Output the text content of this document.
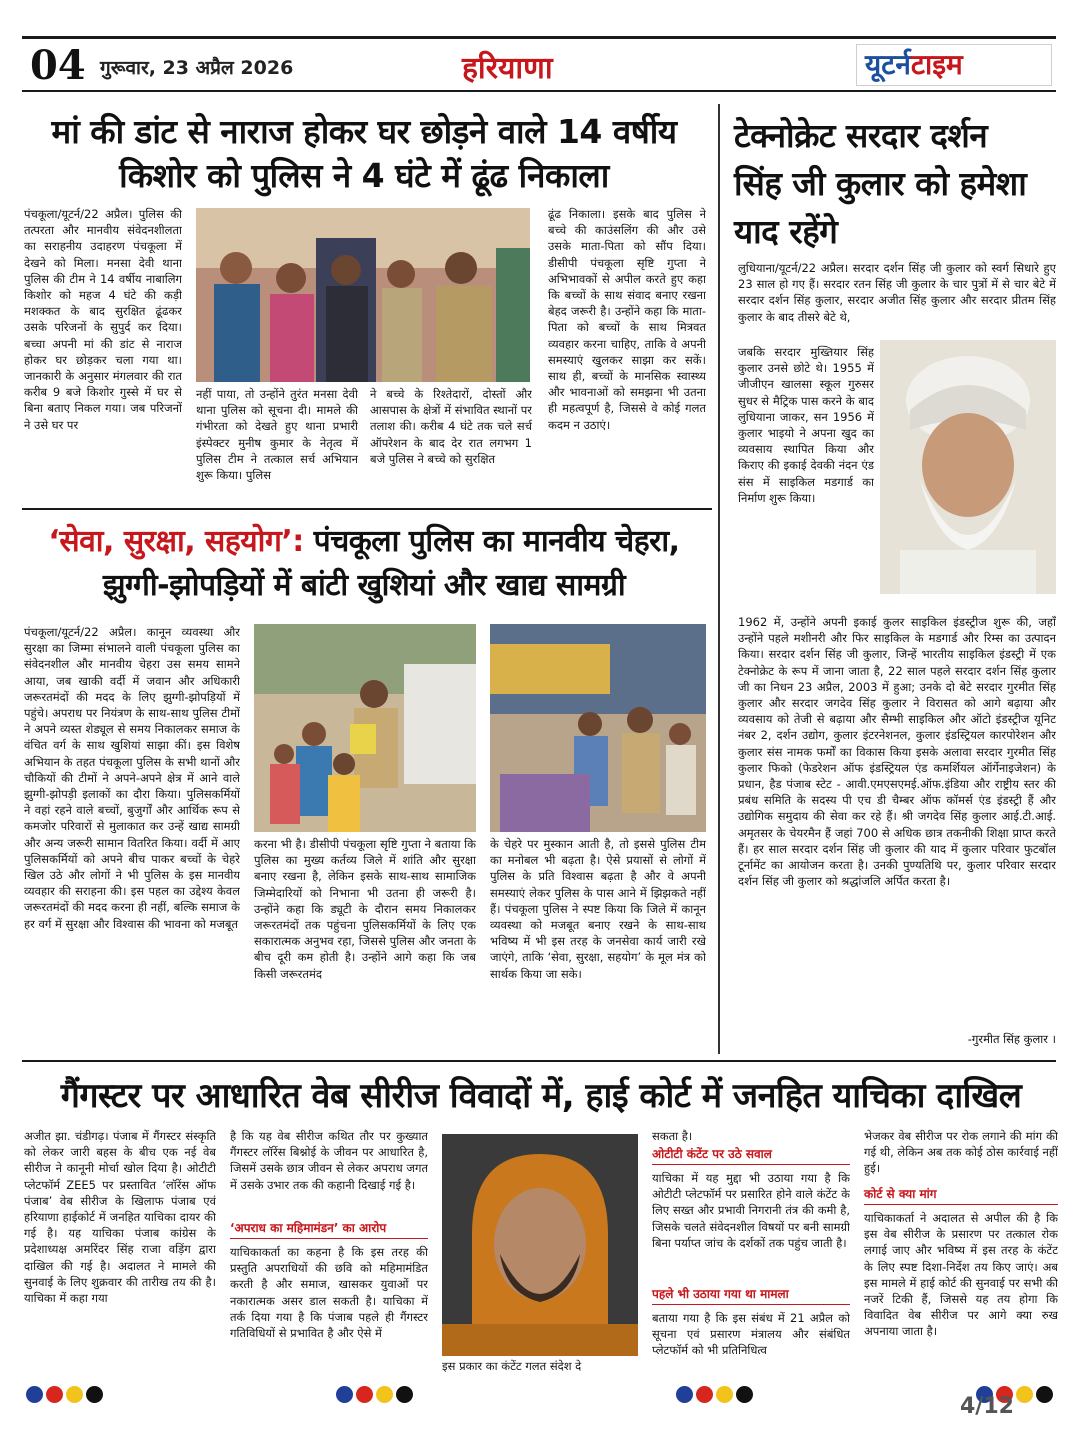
04 गुरूवार, 23 अप्रैल 2026	हरियाणा	यूटर्नटाइम
मां की डांट से नाराज होकर घर छोड़ने वाले 14 वर्षीय किशोर को पुलिस ने 4 घंटे में ढूंढ निकाला
पंचकूला/यूटर्न/22 अप्रैल। पुलिस की तत्परता और मानवीय संवेदनशीलता का सराहनीय उदाहरण पंचकूला में देखने को मिला। मनसा देवी थाना पुलिस की टीम ने 14 वर्षीय नाबालिग किशोर को महज 4 घंटे की कड़ी मशक्कत के बाद सुरक्षित ढूंढकर उसके परिजनों के सुपुर्द कर दिया। बच्चा अपनी मां की डांट से नाराज होकर घर छोड़कर चला गया था। जानकारी के अनुसार मंगलवार की रात करीब 9 बजे किशोर गुस्से में घर से बिना बताए निकल गया। जब परिजनों ने उसे घर पर
नहीं पाया, तो उन्होंने तुरंत मनसा देवी थाना पुलिस को सूचना दी। मामले की गंभीरता को देखते हुए थाना प्रभारी इंस्पेक्टर मुनीष कुमार के नेतृत्व में पुलिस टीम ने तत्काल सर्च अभियान शुरू किया। पुलिस
ने बच्चे के रिश्तेदारों, दोस्तों और आसपास के क्षेत्रों में संभावित स्थानों पर तलाश की। करीब 4 घंटे तक चले सर्च ऑपरेशन के बाद देर रात लगभग 1 बजे पुलिस ने बच्चे को सुरक्षित
ढूंढ निकाला। इसके बाद पुलिस ने बच्चे की काउंसलिंग की और उसे उसके माता-पिता को सौंप दिया। डीसीपी पंचकूला सृष्टि गुप्ता ने अभिभावकों से अपील करते हुए कहा कि बच्चों के साथ संवाद बनाए रखना बेहद जरूरी है। उन्होंने कहा कि माता-पिता को बच्चों के साथ मित्रवत व्यवहार करना चाहिए, ताकि वे अपनी समस्याएं खुलकर साझा कर सकें। साथ ही, बच्चों के मानसिक स्वास्थ्य और भावनाओं को समझना भी उतना ही महत्वपूर्ण है, जिससे वे कोई गलत कदम न उठाएं।
टेक्नोक्रेट सरदार दर्शन सिंह जी कुलार को हमेशा याद रहेंगे
लुधियाना/यूटर्न/22 अप्रैल। सरदार दर्शन सिंह जी कुलार को स्वर्ग सिधारे हुए 23 साल हो गए हैं। सरदार रतन सिंह जी कुलार के चार पुत्रों में से चार बेटे में सरदार दर्शन सिंह कुलार, सरदार अजीत सिंह कुलार और सरदार प्रीतम सिंह कुलार के बाद तीसरे बेटे थे,
जबकि सरदार मुख्तियार सिंह कुलार उनसे छोटे थे। 1955 में जीजीएन खालसा स्कूल गुरुसर सुधर से मैट्रिक पास करने के बाद लुधियाना जाकर, सन 1956 में कुलार भाइयो ने अपना खुद का व्यवसाय स्थापित किया और किराए की इकाई देवकी नंदन एंड संस में साइकिल मडगार्ड का निर्माण शुरू किया।
1962 में, उन्होंने अपनी इकाई कुलर साइकिल इंडस्ट्रीज शुरू की, जहाँ उन्होंने पहले मशीनरी और फिर साइकिल के मडगार्ड और रिम्स का उत्पादन किया। सरदार दर्शन सिंह जी कुलार, जिन्हें भारतीय साइकिल इंडस्ट्री में एक टेक्नोक्रेट के रूप में जाना जाता है, 22 साल पहले सरदार दर्शन सिंह कुलार जी का निधन 23 अप्रैल, 2003 में हुआ; उनके दो बेटे सरदार गुरमीत सिंह कुलार और सरदार जगदेव सिंह कुलार ने विरासत को आगे बढ़ाया और व्यवसाय को तेजी से बढ़ाया और सैम्भी साइकिल और ऑटो इंडस्ट्रीज यूनिट नंबर 2, दर्शन उद्योग, कुलार इंटरनेशनल, कुलार इंडस्ट्रियल कारपोरेशन और कुलार संस नामक फर्मों का विकास किया इसके अलावा सरदार गुरमीत सिंह कुलार फिको (फेडरेशन ऑफ इंडस्ट्रियल एंड कमर्शियल ऑर्गेनाइजेशन) के प्रधान, हैड पंजाब स्टेट - आवी.एमएसएमई.ऑफ.इंडिया और राष्ट्रीय स्तर की प्रबंध समिति के सदस्य पी एच डी चैम्बर ऑफ कॉमर्स एंड इंडस्ट्री हैं और उद्योगिक समुदाय की सेवा कर रहे हैं। श्री जगदेव सिंह कुलार आई.टी.आई. अमृतसर के चेयरमैन हैं जहां 700 से अधिक छात्र तकनीकी शिक्षा प्राप्त करते हैं। हर साल सरदार दर्शन सिंह जी कुलार की याद में कुलार परिवार फुटबॉल टूर्नामेंट का आयोजन करता है। उनकी पुण्यतिथि पर, कुलार परिवार सरदार दर्शन सिंह जी कुलार को श्रद्धांजलि अर्पित करता है।
-गुरमीत सिंह कुलार ।
‘सेवा, सुरक्षा, सहयोग’: पंचकूला पुलिस का मानवीय चेहरा, झुग्गी-झोपड़ियों में बांटी खुशियां और खाद्य सामग्री
पंचकूला/यूटर्न/22 अप्रैल। कानून व्यवस्था और सुरक्षा का जिम्मा संभालने वाली पंचकूला पुलिस का संवेदनशील और मानवीय चेहरा उस समय सामने आया, जब खाकी वर्दी में जवान और अधिकारी जरूरतमंदों की मदद के लिए झुग्गी-झोपड़ियों में पहुंचे। अपराध पर नियंत्रण के साथ-साथ पुलिस टीमों ने अपने व्यस्त शेड्यूल से समय निकालकर समाज के वंचित वर्ग के साथ खुशियां साझा कीं। इस विशेष अभियान के तहत पंचकूला पुलिस के सभी थानों और चौकियों की टीमों ने अपने-अपने क्षेत्र में आने वाले झुग्गी-झोपड़ी इलाकों का दौरा किया। पुलिसकर्मियों ने वहां रहने वाले बच्चों, बुजुर्गों और आर्थिक रूप से कमजोर परिवारों से मुलाकात कर उन्हें खाद्य सामग्री और अन्य जरूरी सामान वितरित किया। वर्दी में आए पुलिसकर्मियों को अपने बीच पाकर बच्चों के चेहरे खिल उठे और लोगों ने भी पुलिस के इस मानवीय व्यवहार की सराहना की। इस पहल का उद्देश्य केवल जरूरतमंदों की मदद करना ही नहीं, बल्कि समाज के हर वर्ग में सुरक्षा और विश्वास की भावना को मजबूत
करना भी है। डीसीपी पंचकूला सृष्टि गुप्ता ने बताया कि पुलिस का मुख्य कर्तव्य जिले में शांति और सुरक्षा बनाए रखना है, लेकिन इसके साथ-साथ सामाजिक जिम्मेदारियों को निभाना भी उतना ही जरूरी है। उन्होंने कहा कि ड्यूटी के दौरान समय निकालकर जरूरतमंदों तक पहुंचना पुलिसकर्मियों के लिए एक सकारात्मक अनुभव रहा, जिससे पुलिस और जनता के बीच दूरी कम होती है। उन्होंने आगे कहा कि जब किसी जरूरतमंद
के चेहरे पर मुस्कान आती है, तो इससे पुलिस टीम का मनोबल भी बढ़ता है। ऐसे प्रयासों से लोगों में पुलिस के प्रति विश्वास बढ़ता है और वे अपनी समस्याएं लेकर पुलिस के पास आने में झिझकते नहीं हैं। पंचकूला पुलिस ने स्पष्ट किया कि जिले में कानून व्यवस्था को मजबूत बनाए रखने के साथ-साथ भविष्य में भी इस तरह के जनसेवा कार्य जारी रखे जाएंगे, ताकि ‘सेवा, सुरक्षा, सहयोग’ के मूल मंत्र को सार्थक किया जा सके।
गैंगस्टर पर आधारित वेब सीरीज विवादों में, हाई कोर्ट में जनहित याचिका दाखिल
अजीत झा. चंडीगढ़। पंजाब में गैंगस्टर संस्कृति को लेकर जारी बहस के बीच एक नई वेब सीरीज ने कानूनी मोर्चा खोल दिया है। ओटीटी प्लेटफॉर्म ZEE5 पर प्रस्तावित ‘लॉरेंस ऑफ पंजाब’ वेब सीरीज के खिलाफ पंजाब एवं हरियाणा हाईकोर्ट में जनहित याचिका दायर की गई है। यह याचिका पंजाब कांग्रेस के प्रदेशाध्यक्ष अमरिंदर सिंह राजा वड़िंग द्वारा दाखिल की गई है। अदालत ने मामले की सुनवाई के लिए शुक्रवार की तारीख तय की है। याचिका में कहा गया
है कि यह वेब सीरीज कथित तौर पर कुख्यात गैंगस्टर लॉरेंस बिश्नोई के जीवन पर आधारित है, जिसमें उसके छात्र जीवन से लेकर अपराध जगत में उसके उभार तक की कहानी दिखाई गई है।
‘अपराध का महिमामंडन’ का आरोप
याचिकाकर्ता का कहना है कि इस तरह की प्रस्तुति अपराधियों की छवि को महिमामंडित करती है और समाज, खासकर युवाओं पर नकारात्मक असर डाल सकती है। याचिका में तर्क दिया गया है कि पंजाब पहले ही गैंगस्टर गतिविधियों से प्रभावित है और ऐसे में
इस प्रकार का कंटेंट गलत संदेश दे
सकता है।
ओटीटी कंटेंट पर उठे सवाल
याचिका में यह मुद्दा भी उठाया गया है कि ओटीटी प्लेटफॉर्म पर प्रसारित होने वाले कंटेंट के लिए सख्त और प्रभावी निगरानी तंत्र की कमी है, जिसके चलते संवेदनशील विषयों पर बनी सामग्री बिना पर्याप्त जांच के दर्शकों तक पहुंच जाती है।
पहले भी उठाया गया था मामला
बताया गया है कि इस संबंध में 21 अप्रैल को सूचना एवं प्रसारण मंत्रालय और संबंधित प्लेटफॉर्म को भी प्रतिनिधित्व
भेजकर वेब सीरीज पर रोक लगाने की मांग की गई थी, लेकिन अब तक कोई ठोस कार्रवाई नहीं हुई।
कोर्ट से क्या मांग
याचिकाकर्ता ने अदालत से अपील की है कि इस वेब सीरीज के प्रसारण पर तत्काल रोक लगाई जाए और भविष्य में इस तरह के कंटेंट के लिए स्पष्ट दिशा-निर्देश तय किए जाएं। अब इस मामले में हाई कोर्ट की सुनवाई पर सभी की नजरें टिकी हैं, जिससे यह तय होगा कि विवादित वेब सीरीज पर आगे क्या रुख अपनाया जाता है।
4/12
